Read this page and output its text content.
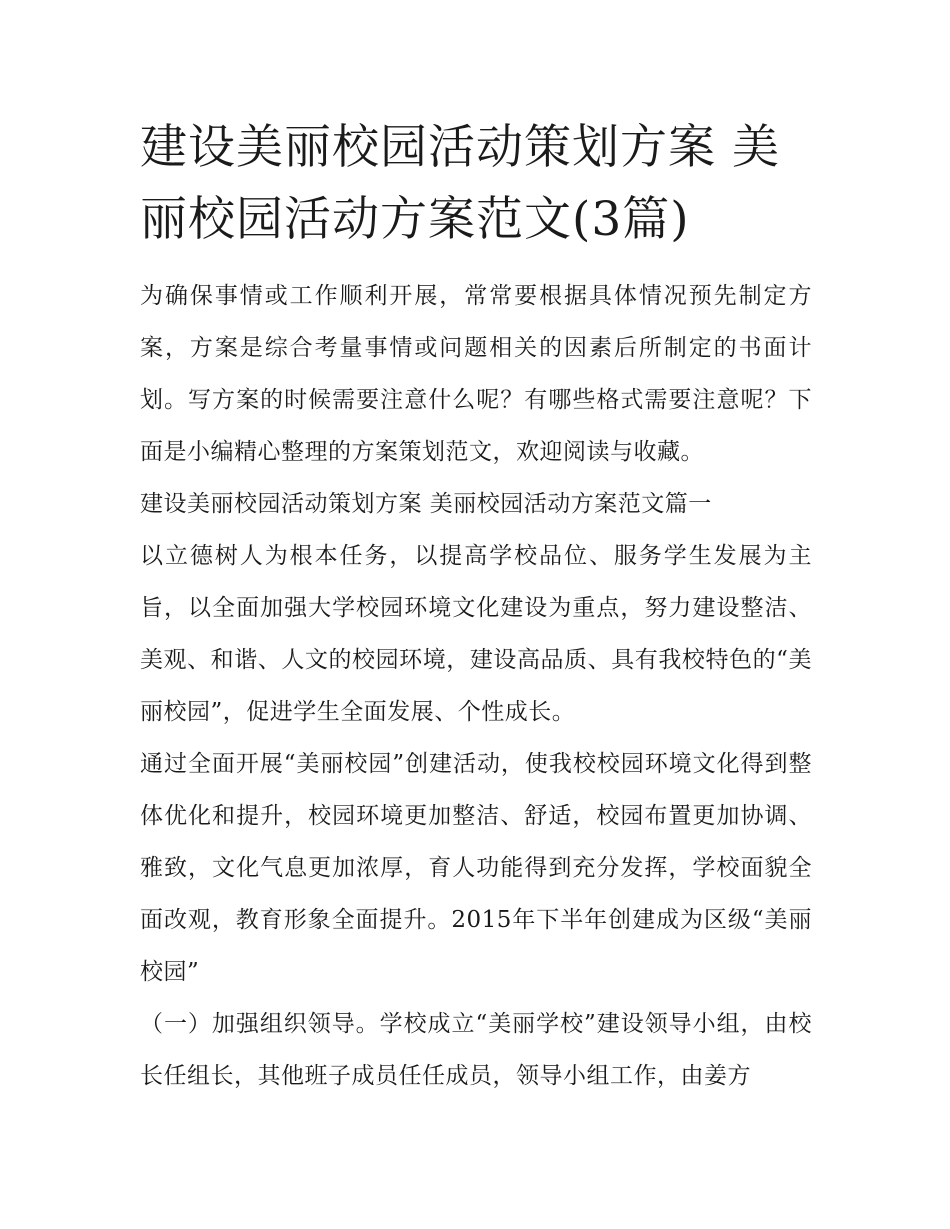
建设美丽校园活动策划方案 美丽校园活动方案范文(3篇)

为确保事情或工作顺利开展，常常要根据具体情况预先制定方案，方案是综合考量事情或问题相关的因素后所制定的书面计划。写方案的时候需要注意什么呢？有哪些格式需要注意呢？下面是小编精心整理的方案策划范文，欢迎阅读与收藏。

建设美丽校园活动策划方案 美丽校园活动方案范文篇一

以立德树人为根本任务，以提高学校品位、服务学生发展为主旨，以全面加强大学校园环境文化建设为重点，努力建设整洁、美观、和谐、人文的校园环境，建设高品质、具有我校特色的“美丽校园”，促进学生全面发展、个性成长。

通过全面开展“美丽校园”创建活动，使我校校园环境文化得到整体优化和提升，校园环境更加整洁、舒适，校园布置更加协调、雅致，文化气息更加浓厚，育人功能得到充分发挥，学校面貌全面改观，教育形象全面提升。2015年下半年创建成为区级“美丽校园”

（一）加强组织领导。学校成立“美丽学校”建设领导小组，由校长任组长，其他班子成员任任成员，领导小组工作，由姜方
